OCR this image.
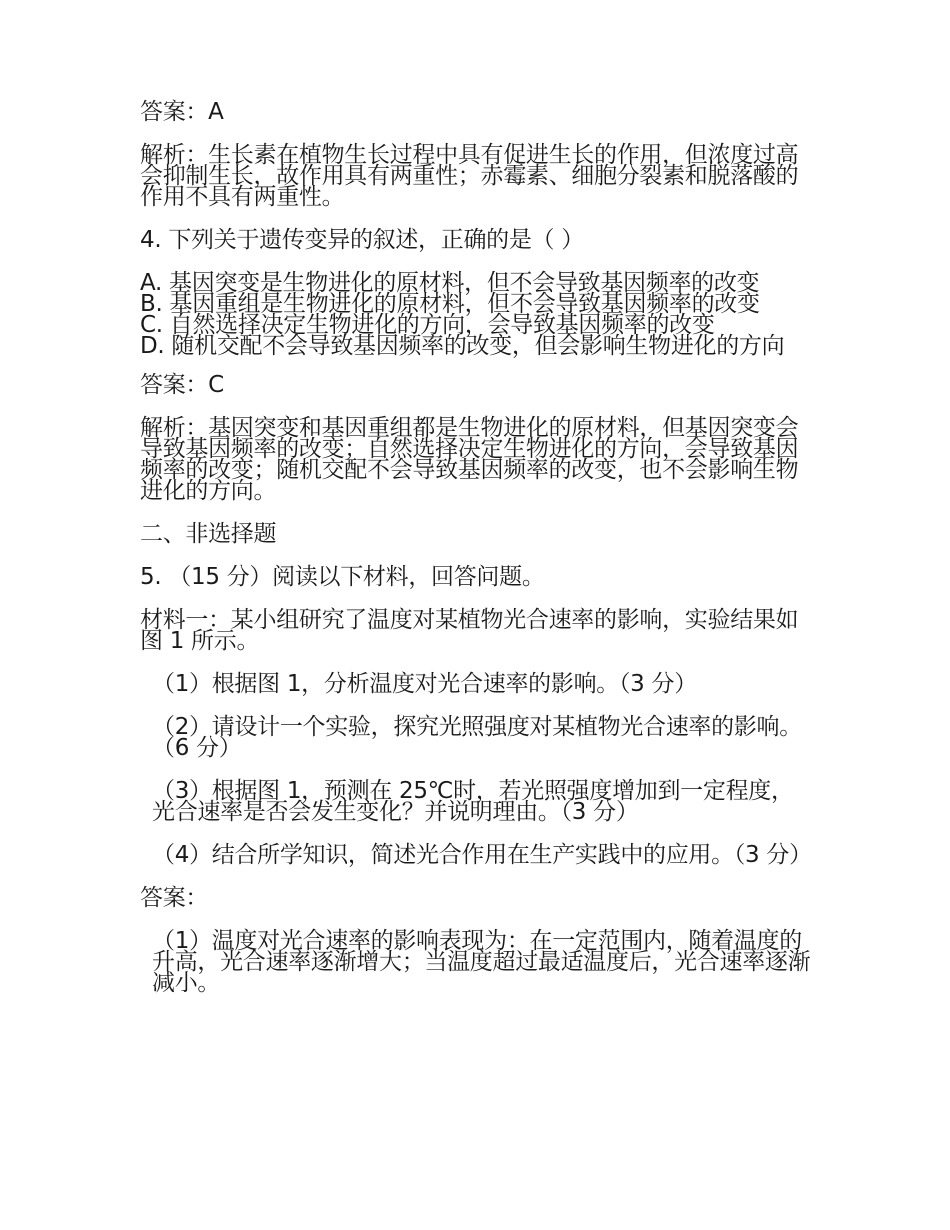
答案：A

解析：生长素在植物生长过程中具有促进生长的作用，但浓度过高会抑制生长，故作用具有两重性；赤霉素、细胞分裂素和脱落酸的作用不具有两重性。

4. 下列关于遗传变异的叙述，正确的是（ ）

A. 基因突变是生物进化的原材料，但不会导致基因频率的改变
B. 基因重组是生物进化的原材料，但不会导致基因频率的改变
C. 自然选择决定生物进化的方向，会导致基因频率的改变
D. 随机交配不会导致基因频率的改变，但会影响生物进化的方向

答案：C

解析：基因突变和基因重组都是生物进化的原材料，但基因突变会导致基因频率的改变；自然选择决定生物进化的方向，会导致基因频率的改变；随机交配不会导致基因频率的改变，也不会影响生物进化的方向。

二、非选择题

5. （15 分）阅读以下材料，回答问题。

材料一：某小组研究了温度对某植物光合速率的影响，实验结果如图 1 所示。

（1）根据图 1，分析温度对光合速率的影响。（3 分）

（2）请设计一个实验，探究光照强度对某植物光合速率的影响。（6 分）

（3）根据图 1，预测在 25℃时，若光照强度增加到一定程度，光合速率是否会发生变化？并说明理由。（3 分）

（4）结合所学知识，简述光合作用在生产实践中的应用。（3 分）

答案：

（1）温度对光合速率的影响表现为：在一定范围内，随着温度的升高，光合速率逐渐增大；当温度超过最适温度后，光合速率逐渐减小。
